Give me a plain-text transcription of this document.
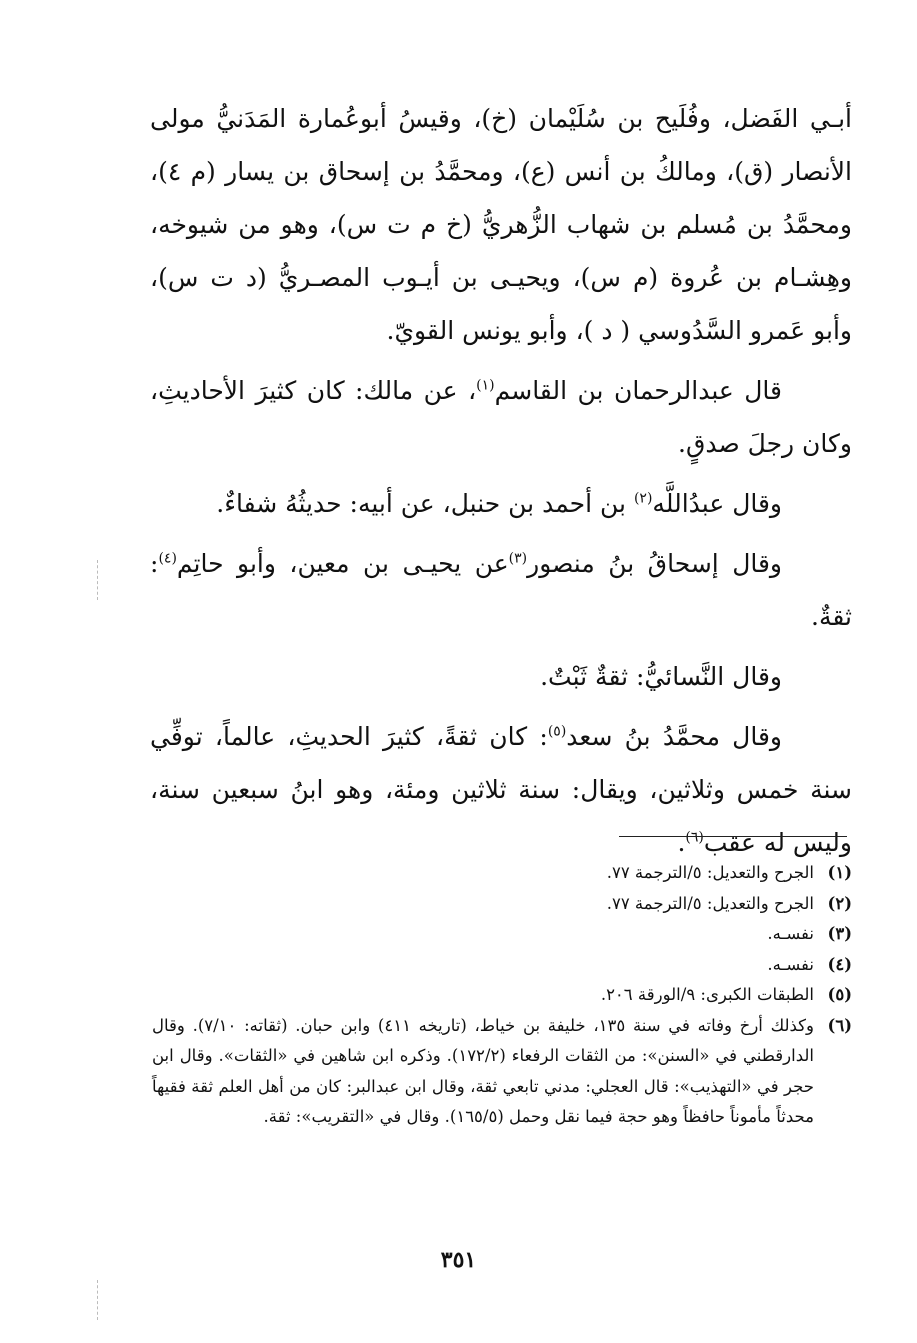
أبـي الفَضل، وفُلَيح بن سُلَيْمان (خ)، وقيسُ أبوعُمارة المَدَنيُّ مولى الأنصار (ق)، ومالكُ بن أنس (ع)، ومحمَّدُ بن إسحاق بن يسار (م ٤)، ومحمَّدُ بن مُسلم بن شهاب الزُّهريُّ (خ م ت س)، وهو من شيوخه، وهِشـام بن عُروة (م س)، ويحيـى بن أيـوب المصـريُّ (د ت س)، وأبو عَمرو السَّدُوسي ( د )، وأبو يونس القويّ.

قال عبدالرحمان بن القاسم$^{(١)}$، عن مالك: كان كثيرَ الأحاديثِ، وكان رجلَ صدقٍ.

وقال عبدُاللَّه$^{(٢)}$ بن أحمد بن حنبل، عن أبيه: حديثُهُ شفاءٌ.

وقال إسحاقُ بنُ منصور$^{(٣)}$عن يحيـى بن معين، وأبو حاتِم$^{(٤)}$: ثقةٌ.

وقال النَّسائيُّ: ثقةٌ ثَبْتٌ.

وقال محمَّدُ بنُ سعد$^{(٥)}$: كان ثقةً، كثيرَ الحديثِ، عالماً، توفِّي سنة خمس وثلاثين، ويقال: سنة ثلاثين ومئة، وهو ابنُ سبعين سنة، وليس له عقب$^{(٦)}$.

(١)
الجرح والتعديل: ٥/الترجمة ٧٧.

(٢)
الجرح والتعديل: ٥/الترجمة ٧٧.

(٣)
نفسـه.

(٤)
نفسـه.

(٥)
الطبقات الكبرى: ٩/الورقة ٢٠٦.

(٦)
وكذلك أرخ وفاته في سنة ١٣٥، خليفة بن خياط، (تاريخه ٤١١) وابن حبان. (ثقاته: ٧/١٠). وقال الدارقطني في «السنن»: من الثقات الرفعاء (١٧٢/٢). وذكره ابن شاهين في «الثقات». وقال ابن حجر في «التهذيب»: قال العجلي: مدني تابعي ثقة، وقال ابن عبدالبر: كان من أهل العلم ثقة فقيهاً محدثاً مأموناً حافظاً وهو حجة فيما نقل وحمل (١٦٥/٥). وقال في «التقريب»: ثقة.

٣٥١
